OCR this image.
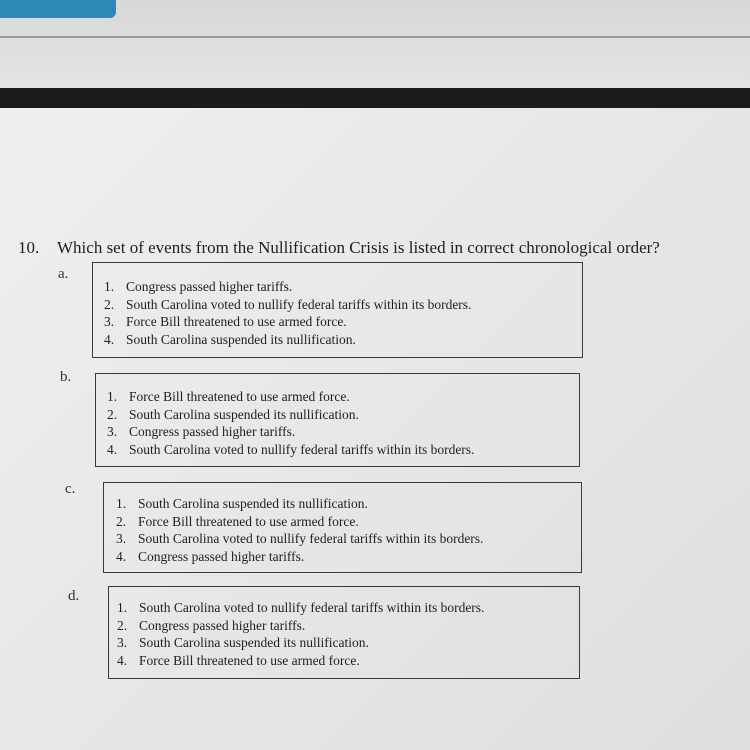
10. Which set of events from the Nullification Crisis is listed in correct chronological order?
a.
1. Congress passed higher tariffs.
2. South Carolina voted to nullify federal tariffs within its borders.
3. Force Bill threatened to use armed force.
4. South Carolina suspended its nullification.
b.
1. Force Bill threatened to use armed force.
2. South Carolina suspended its nullification.
3. Congress passed higher tariffs.
4. South Carolina voted to nullify federal tariffs within its borders.
c.
1. South Carolina suspended its nullification.
2. Force Bill threatened to use armed force.
3. South Carolina voted to nullify federal tariffs within its borders.
4. Congress passed higher tariffs.
d.
1. South Carolina voted to nullify federal tariffs within its borders.
2. Congress passed higher tariffs.
3. South Carolina suspended its nullification.
4. Force Bill threatened to use armed force.
